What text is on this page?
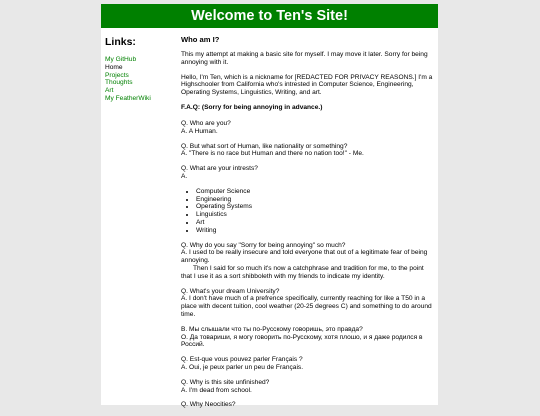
Welcome to Ten's Site!
Links:
My GitHub
Home
Projects
Thoughts
Art
My FeatherWiki
Who am I?

This my attempt at making a basic site for myself. I may move it later. Sorry for being annoying with it.

Hello, I'm Ten, which is a nickname for [REDACTED FOR PRIVACY REASONS.] I'm a Highschooler from California who's intrested in Computer Science, Engineering, Operating Systems, Linguistics, Writing, and art.

F.A.Q: (Sorry for being annoying in advance.)

Q. Who are you?
A. A Human.

Q. But what sort of Human, like nationality or something?
A. "There is no race but Human and there no nation too!" - Me.

Q. What are your intrests?
A.

• Computer Science
• Engineering
• Operating Systems
• Linguistics
• Art
• Writing

Q. Why do you say "Sorry for being annoying" so much?
A. I used to be really insecure and told everyone that out of a legitimate fear of being annoying.
Then I said for so much it's now a catchphrase and tradition for me, to the point that I use it as a sort shibboleth with my friends to indicate my identity.

Q. What's your dream University?
A. I don't have much of a prefrence specifically, currently reaching for like a T50 in a place with decent tuition, cool weather (20-25 degrees C) and something to do around time.

В. Мы слышали что ты по-Русскому говоришь, это правда?
О. Да товариши, я могу говорить по-Русскому, хотя плошо, и я даже родился в Россий.

Q. Est-que vous pouvez parler Français ?
A. Oui, je peux parler un peu de Français.

Q. Why is this site unfinished?
A. I'm dead from school.

Q. Why Neocities?
